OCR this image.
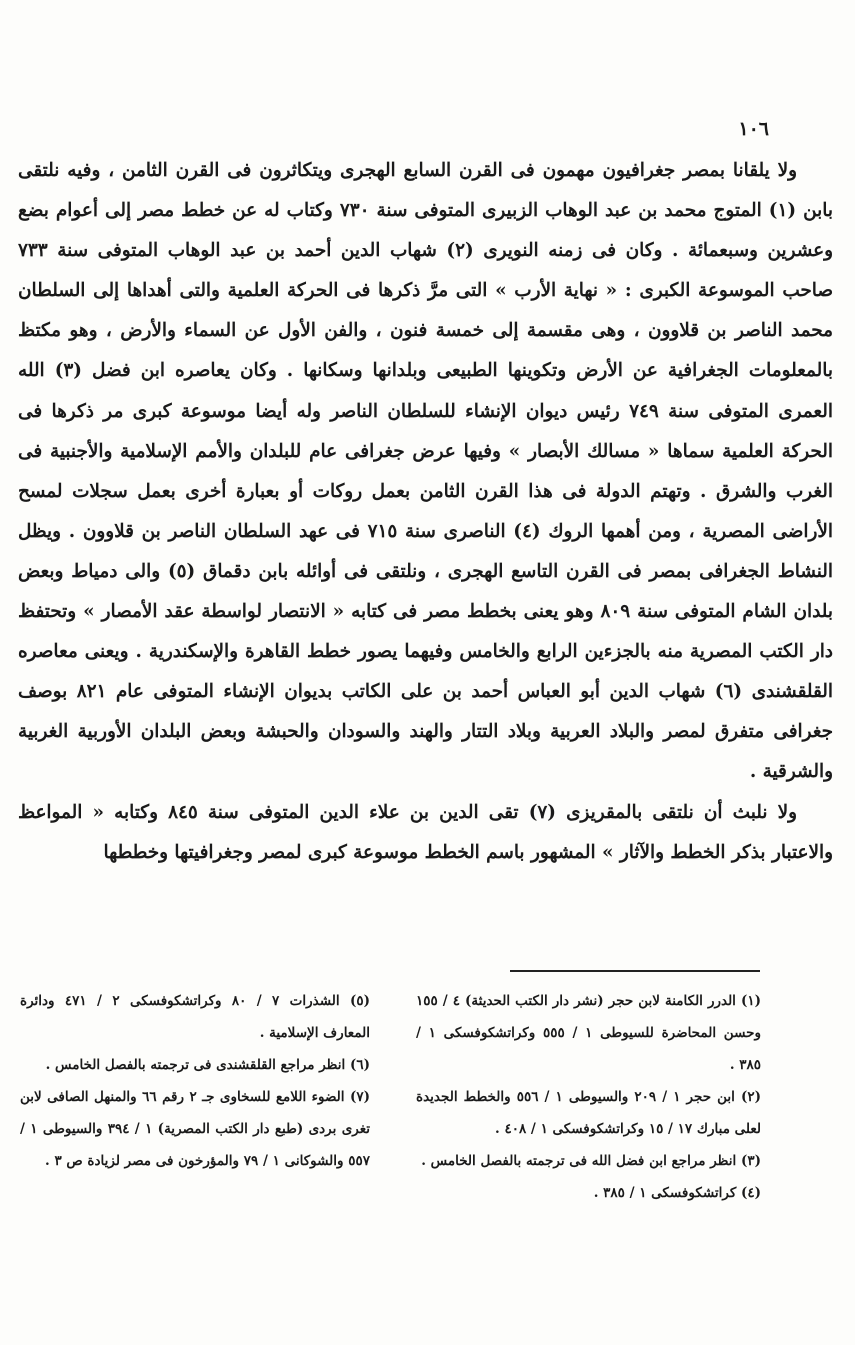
١٠٦

ولا يلقانا بمصر جغرافيون مهمون فى القرن السابع الهجرى ويتكاثرون فى القرن الثامن ، وفيه نلتقى بابن (١) المتوج محمد بن عبد الوهاب الزبيرى المتوفى سنة ٧٣٠ وكتاب له عن خطط مصر إلى أعوام بضع وعشرين وسبعمائة . وكان فى زمنه النويرى (٢) شهاب الدين أحمد بن عبد الوهاب المتوفى سنة ٧٣٣ صاحب الموسوعة الكبرى : « نهاية الأرب » التى مرَّ ذكرها فى الحركة العلمية والتى أهداها إلى السلطان محمد الناصر بن قلاوون ، وهى مقسمة إلى خمسة فنون ، والفن الأول عن السماء والأرض ، وهو مكتظ بالمعلومات الجغرافية عن الأرض وتكوينها الطبيعى وبلدانها وسكانها . وكان يعاصره ابن فضل (٣) الله العمرى المتوفى سنة ٧٤٩ رئيس ديوان الإنشاء للسلطان الناصر وله أيضا موسوعة كبرى مر ذكرها فى الحركة العلمية سماها « مسالك الأبصار » وفيها عرض جغرافى عام للبلدان والأمم الإسلامية والأجنبية فى الغرب والشرق . وتهتم الدولة فى هذا القرن الثامن بعمل روكات أو بعبارة أخرى بعمل سجلات لمسح الأراضى المصرية ، ومن أهمها الروك (٤) الناصرى سنة ٧١٥ فى عهد السلطان الناصر بن قلاوون . ويظل النشاط الجغرافى بمصر فى القرن التاسع الهجرى ، ونلتقى فى أوائله بابن دقماق (٥) والى دمياط وبعض بلدان الشام المتوفى سنة ٨٠٩ وهو يعنى بخطط مصر فى كتابه « الانتصار لواسطة عقد الأمصار » وتحتفظ دار الكتب المصرية منه بالجزءين الرابع والخامس وفيهما يصور خطط القاهرة والإسكندرية . ويعنى معاصره القلقشندى (٦) شهاب الدين أبو العباس أحمد بن على الكاتب بديوان الإنشاء المتوفى عام ٨٢١ بوصف جغرافى متفرق لمصر والبلاد العربية وبلاد التتار والهند والسودان والحبشة وبعض البلدان الأوربية الغربية والشرقية .

ولا نلبث أن نلتقى بالمقريزى (٧) تقى الدين بن علاء الدين المتوفى سنة ٨٤٥ وكتابه « المواعظ والاعتبار بذكر الخطط والآثار » المشهور باسم الخطط موسوعة كبرى لمصر وجغرافيتها وخططها

(١) الدرر الكامنة لابن حجر (نشر دار الكتب الحديثة) ٤ / ١٥٥ وحسن المحاضرة للسيوطى ١ / ٥٥٥ وكراتشكوفسكى ١ / ٣٨٥ .

(٢) ابن حجر ١ / ٢٠٩ والسيوطى ١ / ٥٥٦ والخطط الجديدة لعلى مبارك ١٧ / ١٥ وكراتشكوفسكى ١ / ٤٠٨ .

(٣) انظر مراجع ابن فضل الله فى ترجمته بالفصل الخامس .

(٤) كراتشكوفسكى ١ / ٣٨٥ .

(٥) الشذرات ٧ / ٨٠ وكراتشكوفسكى ٢ / ٤٧١ ودائرة المعارف الإسلامية .

(٦) انظر مراجع القلقشندى فى ترجمته بالفصل الخامس .

(٧) الضوء اللامع للسخاوى جـ ٢ رقم ٦٦ والمنهل الصافى لابن تغرى بردى (طبع دار الكتب المصرية) ١ / ٣٩٤ والسيوطى ١ / ٥٥٧ والشوكانى ١ / ٧٩ والمؤرخون فى مصر لزيادة ص ٣ .
